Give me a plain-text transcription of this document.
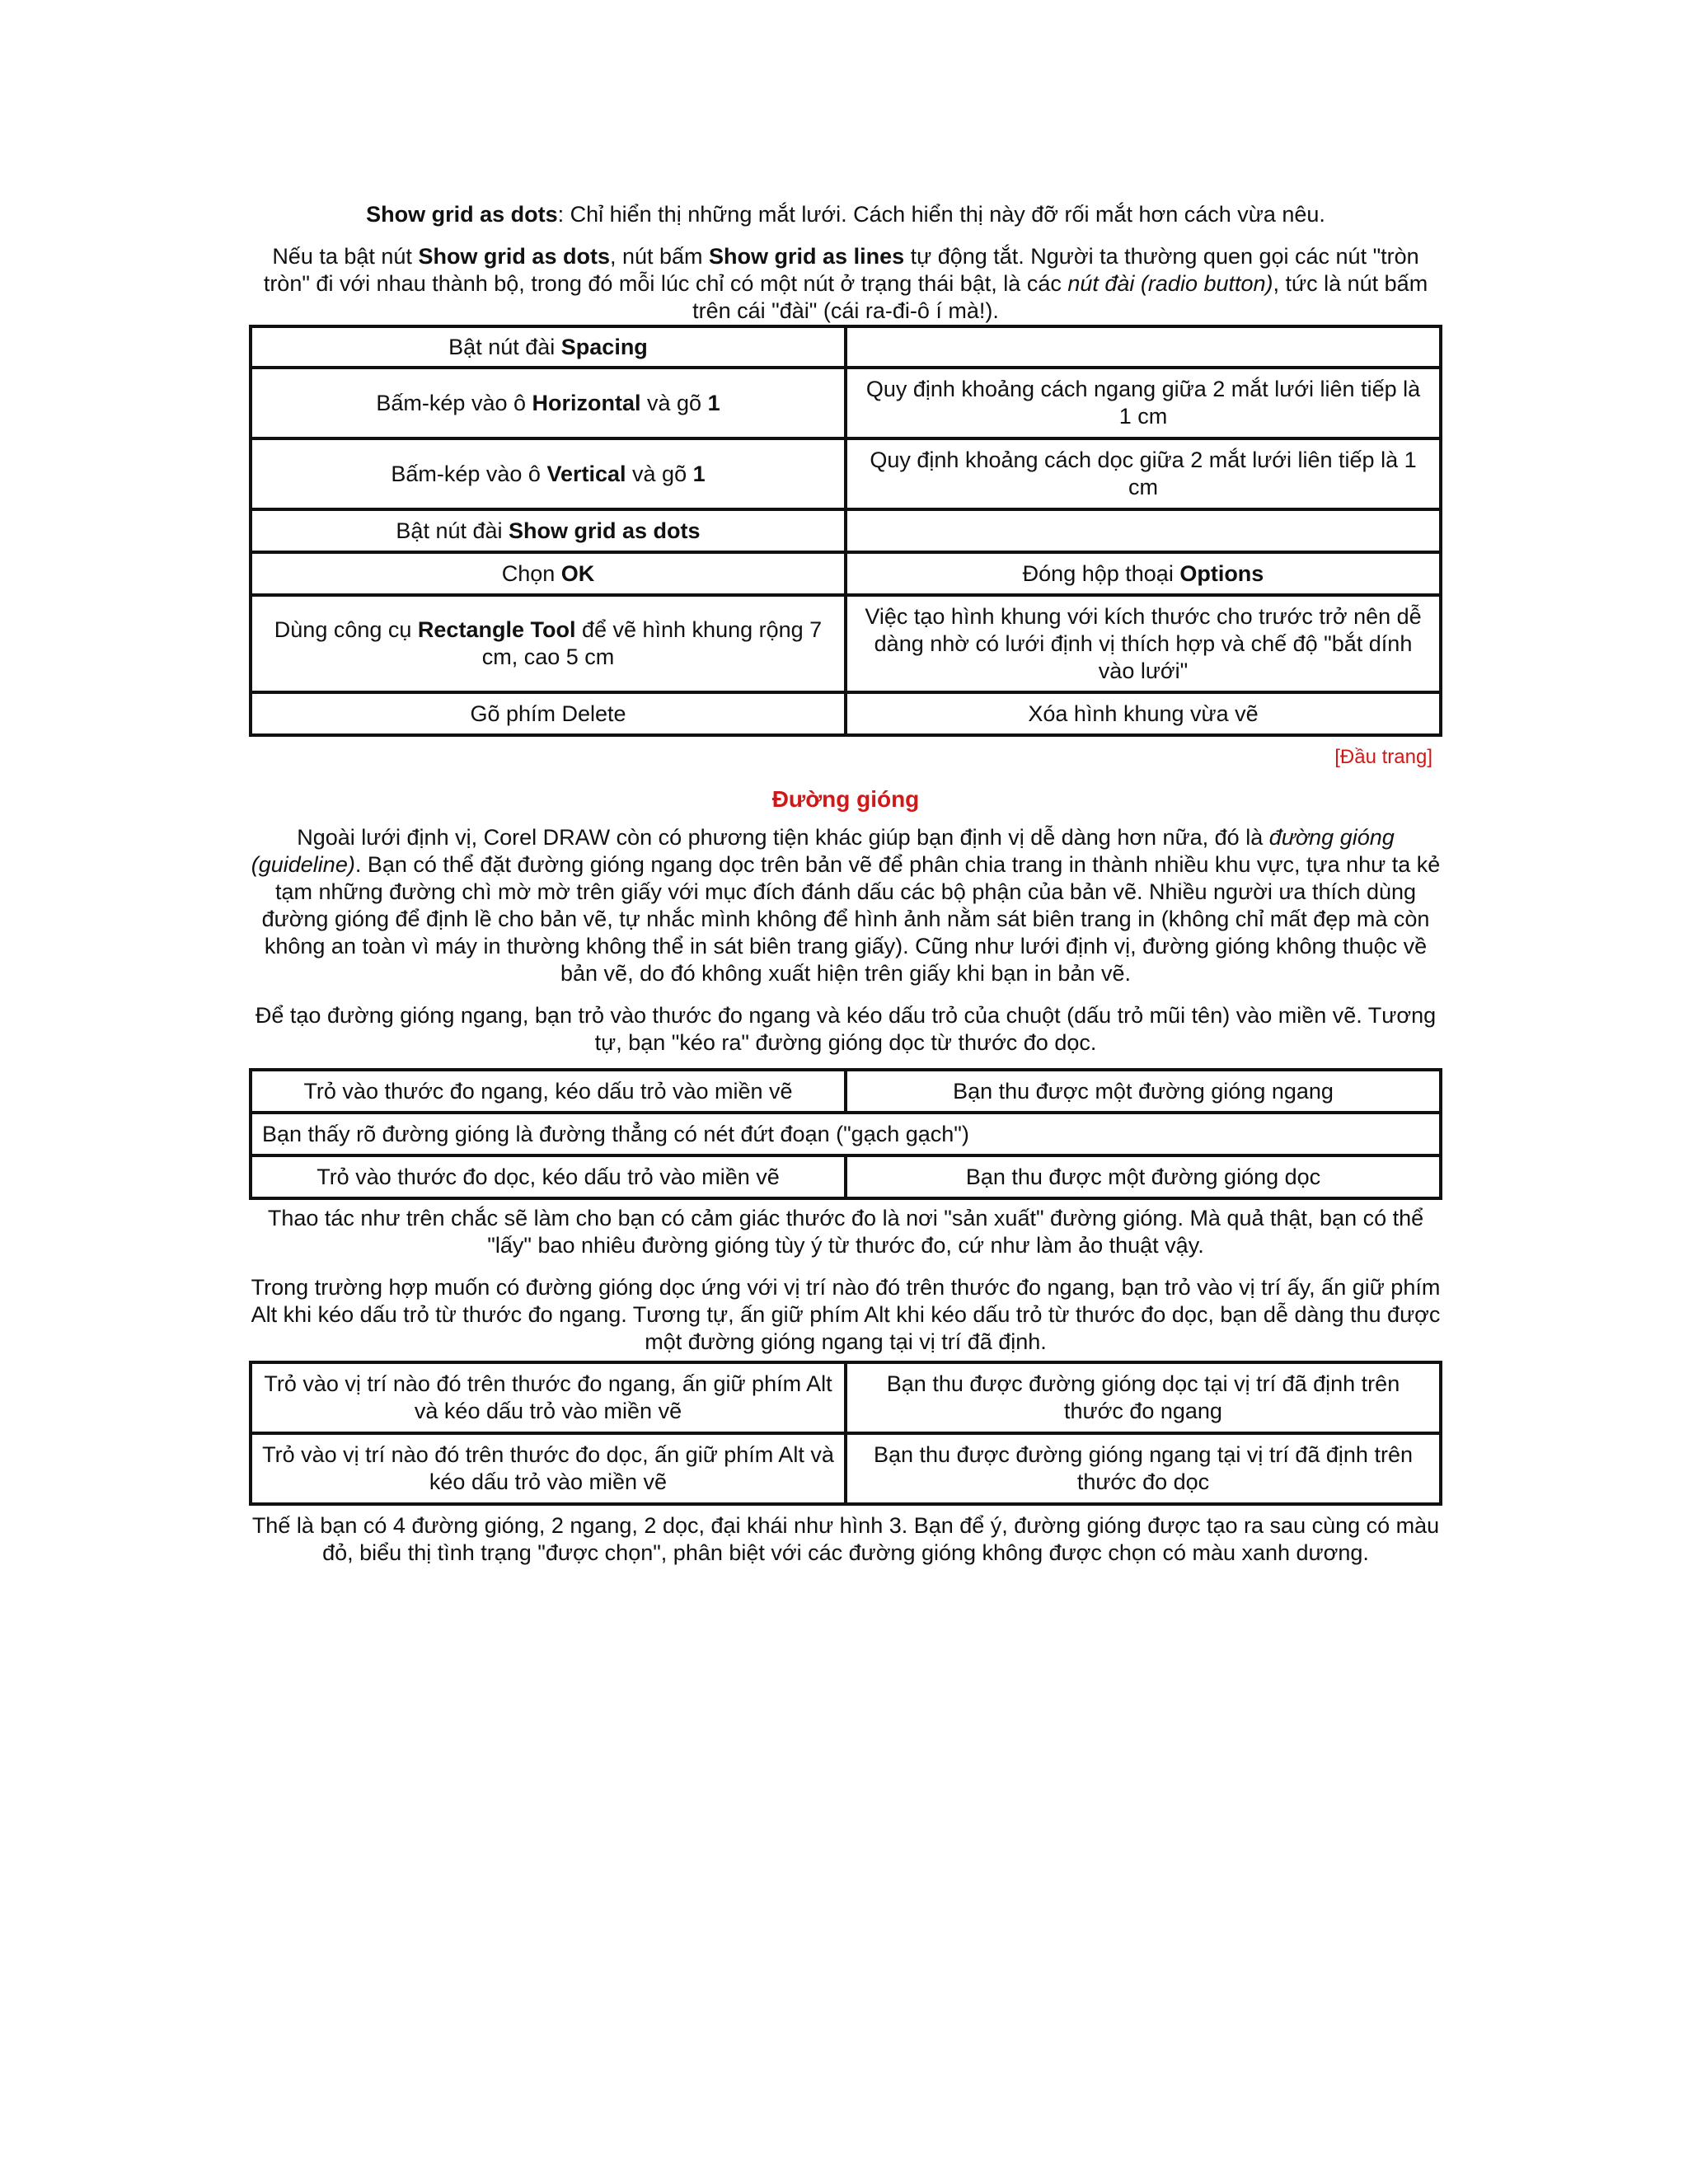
Show grid as dots: Chỉ hiển thị những mắt lưới. Cách hiển thị này đỡ rối mắt hơn cách vừa nêu.

Nếu ta bật nút Show grid as dots, nút bấm Show grid as lines tự động tắt. Người ta thường quen gọi các nút "tròn tròn" đi với nhau thành bộ, trong đó mỗi lúc chỉ có một nút ở trạng thái bật, là các nút đài (radio button), tức là nút bấm trên cái "đài" (cái ra-đi-ô í mà!).

Bật nút đài Spacing	
Bấm-kép vào ô Horizontal và gõ 1	Quy định khoảng cách ngang giữa 2 mắt lưới liên tiếp là 1 cm
Bấm-kép vào ô Vertical và gõ 1	Quy định khoảng cách dọc giữa 2 mắt lưới liên tiếp là 1 cm
Bật nút đài Show grid as dots	
Chọn OK	Đóng hộp thoại Options
Dùng công cụ Rectangle Tool để vẽ hình khung rộng 7 cm, cao 5 cm	Việc tạo hình khung với kích thước cho trước trở nên dễ dàng nhờ có lưới định vị thích hợp và chế độ "bắt dính vào lưới"
Gõ phím Delete	Xóa hình khung vừa vẽ
[Đầu trang]
Đường gióng

Ngoài lưới định vị, Corel DRAW còn có phương tiện khác giúp bạn định vị dễ dàng hơn nữa, đó là đường gióng (guideline). Bạn có thể đặt đường gióng ngang dọc trên bản vẽ để phân chia trang in thành nhiều khu vực, tựa như ta kẻ tạm những đường chì mờ mờ trên giấy với mục đích đánh dấu các bộ phận của bản vẽ. Nhiều người ưa thích dùng đường gióng để định lề cho bản vẽ, tự nhắc mình không để hình ảnh nằm sát biên trang in (không chỉ mất đẹp mà còn không an toàn vì máy in thường không thể in sát biên trang giấy). Cũng như lưới định vị, đường gióng không thuộc về bản vẽ, do đó không xuất hiện trên giấy khi bạn in bản vẽ.

Để tạo đường gióng ngang, bạn trỏ vào thước đo ngang và kéo dấu trỏ của chuột (dấu trỏ mũi tên) vào miền vẽ. Tương tự, bạn "kéo ra" đường gióng dọc từ thước đo dọc.

Trỏ vào thước đo ngang, kéo dấu trỏ vào miền vẽ	Bạn thu được một đường gióng ngang
Bạn thấy rõ đường gióng là đường thẳng có nét đứt đoạn ("gạch gạch")	
Trỏ vào thước đo dọc, kéo dấu trỏ vào miền vẽ	Bạn thu được một đường gióng dọc

Thao tác như trên chắc sẽ làm cho bạn có cảm giác thước đo là nơi "sản xuất" đường gióng. Mà quả thật, bạn có thể "lấy" bao nhiêu đường gióng tùy ý từ thước đo, cứ như làm ảo thuật vậy.

Trong trường hợp muốn có đường gióng dọc ứng với vị trí nào đó trên thước đo ngang, bạn trỏ vào vị trí ấy, ấn giữ phím Alt khi kéo dấu trỏ từ thước đo ngang. Tương tự, ấn giữ phím Alt khi kéo dấu trỏ từ thước đo dọc, bạn dễ dàng thu được một đường gióng ngang tại vị trí đã định.

Trỏ vào vị trí nào đó trên thước đo ngang, ấn giữ phím Alt và kéo dấu trỏ vào miền vẽ	Bạn thu được đường gióng dọc tại vị trí đã định trên thước đo ngang
Trỏ vào vị trí nào đó trên thước đo dọc, ấn giữ phím Alt và kéo dấu trỏ vào miền vẽ	Bạn thu được đường gióng ngang tại vị trí đã định trên thước đo dọc

Thế là bạn có 4 đường gióng, 2 ngang, 2 dọc, đại khái như hình 3. Bạn để ý, đường gióng được tạo ra sau cùng có màu đỏ, biểu thị tình trạng "được chọn", phân biệt với các đường gióng không được chọn có màu xanh dương.
